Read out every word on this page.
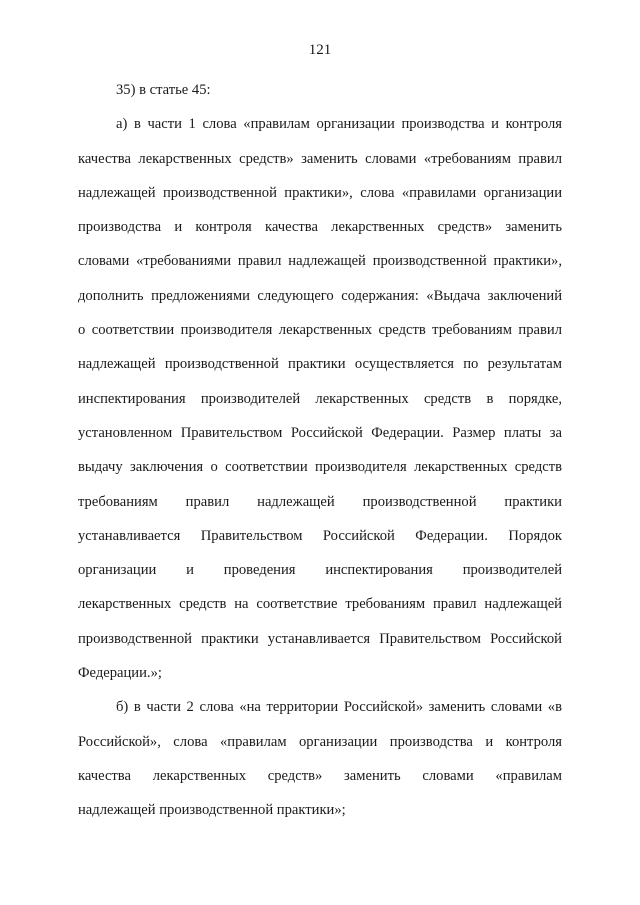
121
35) в статье 45:
а) в части 1 слова «правилам организации производства и контроля
качества лекарственных средств» заменить словами «требованиям правил
надлежащей производственной практики», слова «правилами организации
производства и контроля качества лекарственных средств» заменить
словами «требованиями правил надлежащей производственной практики»,
дополнить предложениями следующего содержания: «Выдача заключений
о соответствии производителя лекарственных средств требованиям правил
надлежащей производственной практики осуществляется по результатам
инспектирования производителей лекарственных средств в порядке,
установленном Правительством Российской Федерации. Размер платы за
выдачу заключения о соответствии производителя лекарственных средств
требованиям правил надлежащей производственной практики
устанавливается Правительством Российской Федерации. Порядок
организации и проведения инспектирования производителей
лекарственных средств на соответствие требованиям правил надлежащей
производственной практики устанавливается Правительством Российской
Федерации.»;
б) в части 2 слова «на территории Российской» заменить словами «в
Российской», слова «правилам организации производства и контроля
качества лекарственных средств» заменить словами «правилам
надлежащей производственной практики»;
